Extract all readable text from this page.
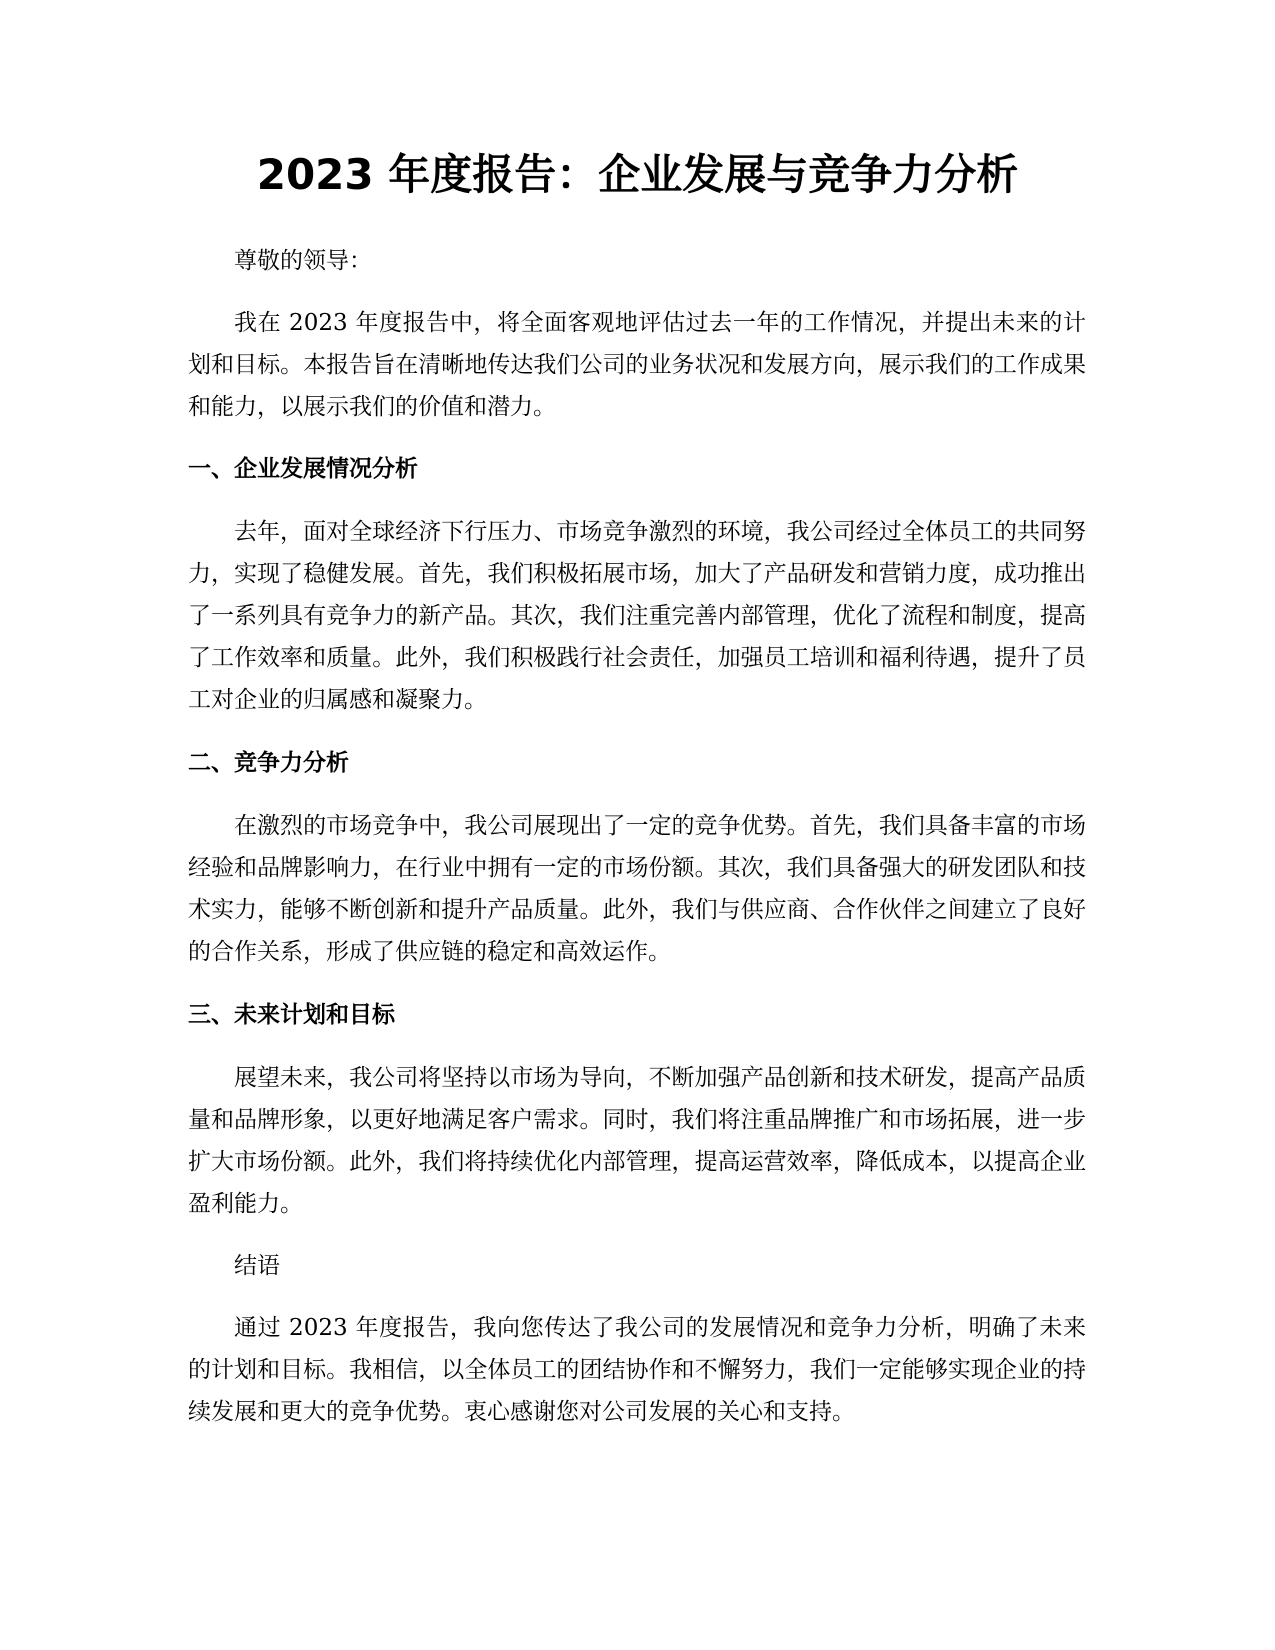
2023 年度报告：企业发展与竞争力分析

尊敬的领导：

我在 2023 年度报告中，将全面客观地评估过去一年的工作情况，并提出未来的计划和目标。本报告旨在清晰地传达我们公司的业务状况和发展方向，展示我们的工作成果和能力，以展示我们的价值和潜力。

一、企业发展情况分析

去年，面对全球经济下行压力、市场竞争激烈的环境，我公司经过全体员工的共同努力，实现了稳健发展。首先，我们积极拓展市场，加大了产品研发和营销力度，成功推出了一系列具有竞争力的新产品。其次，我们注重完善内部管理，优化了流程和制度，提高了工作效率和质量。此外，我们积极践行社会责任，加强员工培训和福利待遇，提升了员工对企业的归属感和凝聚力。

二、竞争力分析

在激烈的市场竞争中，我公司展现出了一定的竞争优势。首先，我们具备丰富的市场经验和品牌影响力，在行业中拥有一定的市场份额。其次，我们具备强大的研发团队和技术实力，能够不断创新和提升产品质量。此外，我们与供应商、合作伙伴之间建立了良好的合作关系，形成了供应链的稳定和高效运作。

三、未来计划和目标

展望未来，我公司将坚持以市场为导向，不断加强产品创新和技术研发，提高产品质量和品牌形象，以更好地满足客户需求。同时，我们将注重品牌推广和市场拓展，进一步扩大市场份额。此外，我们将持续优化内部管理，提高运营效率，降低成本，以提高企业盈利能力。

结语

通过 2023 年度报告，我向您传达了我公司的发展情况和竞争力分析，明确了未来的计划和目标。我相信，以全体员工的团结协作和不懈努力，我们一定能够实现企业的持续发展和更大的竞争优势。衷心感谢您对公司发展的关心和支持。
